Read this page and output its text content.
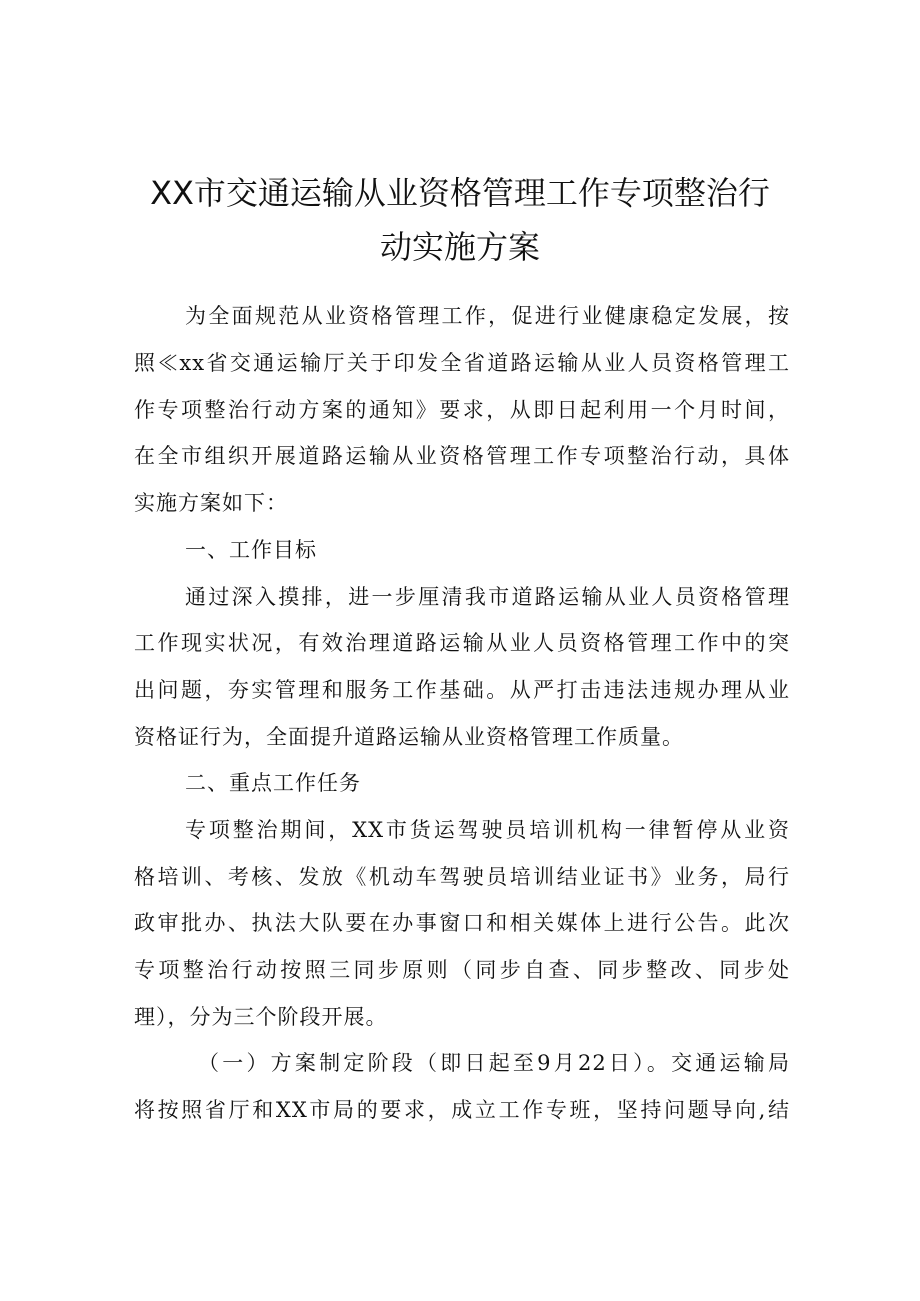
XX市交通运输从业资格管理工作专项整治行
动实施方案
为全面规范从业资格管理工作，促进行业健康稳定发展，按
照≪xx省交通运输厅关于印发全省道路运输从业人员资格管理工
作专项整治行动方案的通知》要求，从即日起利用一个月时间，
在全市组织开展道路运输从业资格管理工作专项整治行动，具体
实施方案如下：
一、工作目标
通过深入摸排，进一步厘清我市道路运输从业人员资格管理
工作现实状况，有效治理道路运输从业人员资格管理工作中的突
出问题，夯实管理和服务工作基础。从严打击违法违规办理从业
资格证行为，全面提升道路运输从业资格管理工作质量。
二、重点工作任务
专项整治期间，XX市货运驾驶员培训机构一律暂停从业资
格培训、考核、发放《机动车驾驶员培训结业证书》业务，局行
政审批办、执法大队要在办事窗口和相关媒体上进行公告。此次
专项整治行动按照三同步原则（同步自查、同步整改、同步处
理），分为三个阶段开展。
（一）方案制定阶段（即日起至9月22日）。交通运输局
将按照省厅和XX市局的要求，成立工作专班，坚持问题导向,结
